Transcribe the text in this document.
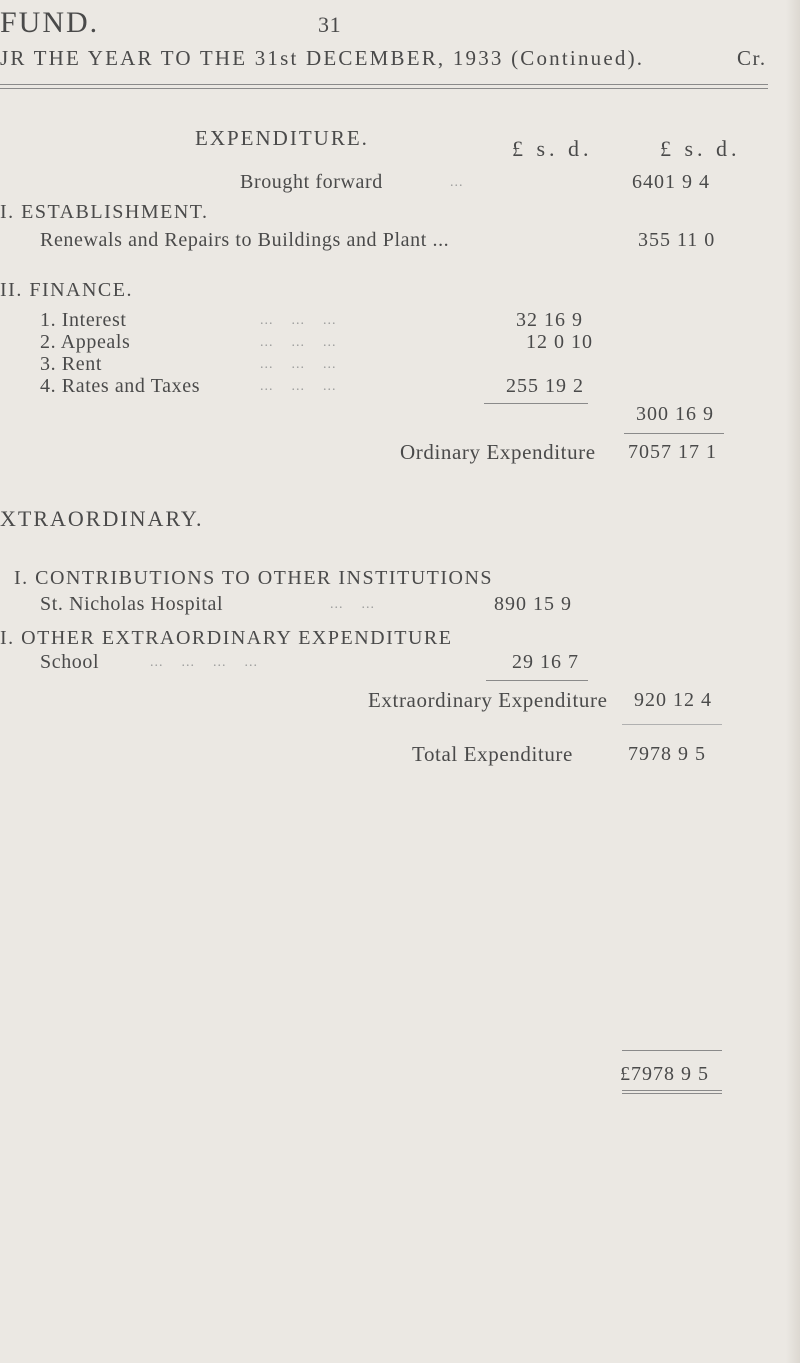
FUND.	31
JR THE YEAR TO THE 31st DECEMBER, 1933 (Continued).	Cr.
EXPENDITURE.	£ s. d.	£ s. d.
Brought forward	...	6401 9 4
I. ESTABLISHMENT.
Renewals and Repairs to Buildings and Plant ...	355 11 0
II. FINANCE.
1. Interest	...    ...    ...	32 16 9
2. Appeals	...    ...    ...	12 0 10
3. Rent	...    ...    ...
4. Rates and Taxes	...    ...    ...	255 19 2
300 16 9
Ordinary Expenditure 7057 17 1
XTRAORDINARY.
I. CONTRIBUTIONS TO OTHER INSTITUTIONS
St. Nicholas Hospital	...    ...	890 15 9
I. OTHER EXTRAORDINARY EXPENDITURE
School	...    ...    ...    ...	29 16 7
Extraordinary Expenditure 920 12 4
Total Expenditure	7978 9 5
£7978 9 5
